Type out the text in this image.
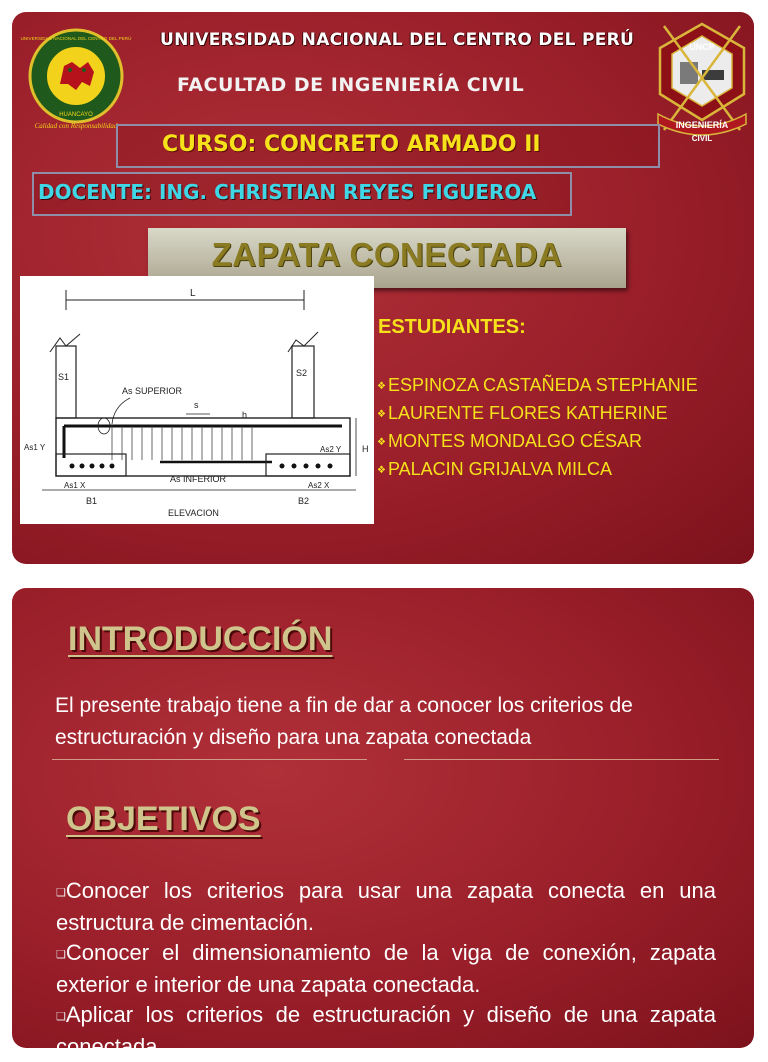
HUANCAYO
UNIVERSIDAD NACIONAL DEL CENTRO DEL PERÚ
Calidad con Responsabilidad
UNIVERSIDAD NACIONAL DEL CENTRO DEL PERÚ
FACULTAD DE INGENIERÍA CIVIL
UNCP
INGENIERÍA
CIVIL
CURSO: CONCRETO ARMADO II
DOCENTE: ING. CHRISTIAN REYES FIGUEROA
ZAPATA CONECTADA
L
S1	S2
As SUPERIOR
s
h
H
As1 Y	As2 Y
As1 X	As2 X
As INFERIOR
B1	B2
ELEVACION
ESTUDIANTES:
❖ ESPINOZA CASTAÑEDA STEPHANIE
❖ LAURENTE FLORES KATHERINE
❖ MONTES MONDALGO CÉSAR
❖ PALACIN GRIJALVA MILCA
INTRODUCCIÓN
El presente trabajo tiene a fin de dar a conocer los criterios de estructuración y diseño para una zapata conectada
OBJETIVOS
❑Conocer los criterios para usar una zapata conecta en una estructura de cimentación.
❑Conocer el dimensionamiento de la viga de conexión, zapata exterior e interior de una zapata conectada.
❑Aplicar los criterios de estructuración y diseño de una zapata conectada.
